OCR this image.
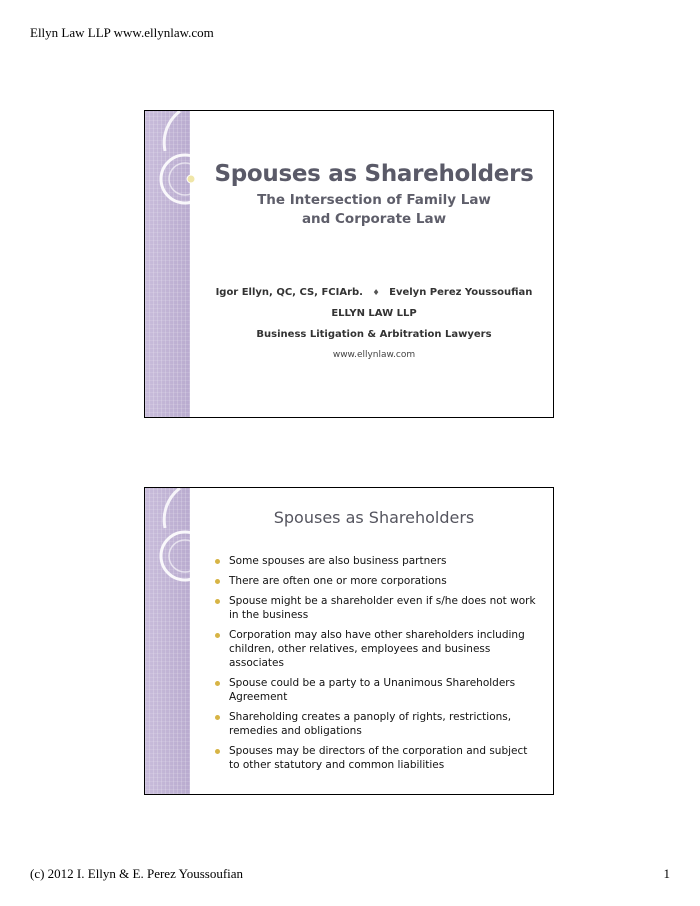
Ellyn Law LLP www.ellynlaw.com
Spouses as Shareholders
The Intersection of Family Law
and Corporate Law
Igor Ellyn, QC, CS, FCIArb. ♦ Evelyn Perez Youssoufian
ELLYN LAW LLP
Business Litigation & Arbitration Lawyers
www.ellynlaw.com
Spouses as Shareholders
Some spouses are also business partners
There are often one or more corporations
Spouse might be a shareholder even if s/he does not work in the business
Corporation may also have other shareholders including children, other relatives, employees and business associates
Spouse could be a party to a Unanimous Shareholders Agreement
Shareholding creates a panoply of rights, restrictions, remedies and obligations
Spouses may be directors of the corporation and subject to other statutory and common liabilities
(c) 2012 I. Ellyn & E. Perez Youssoufian	1
